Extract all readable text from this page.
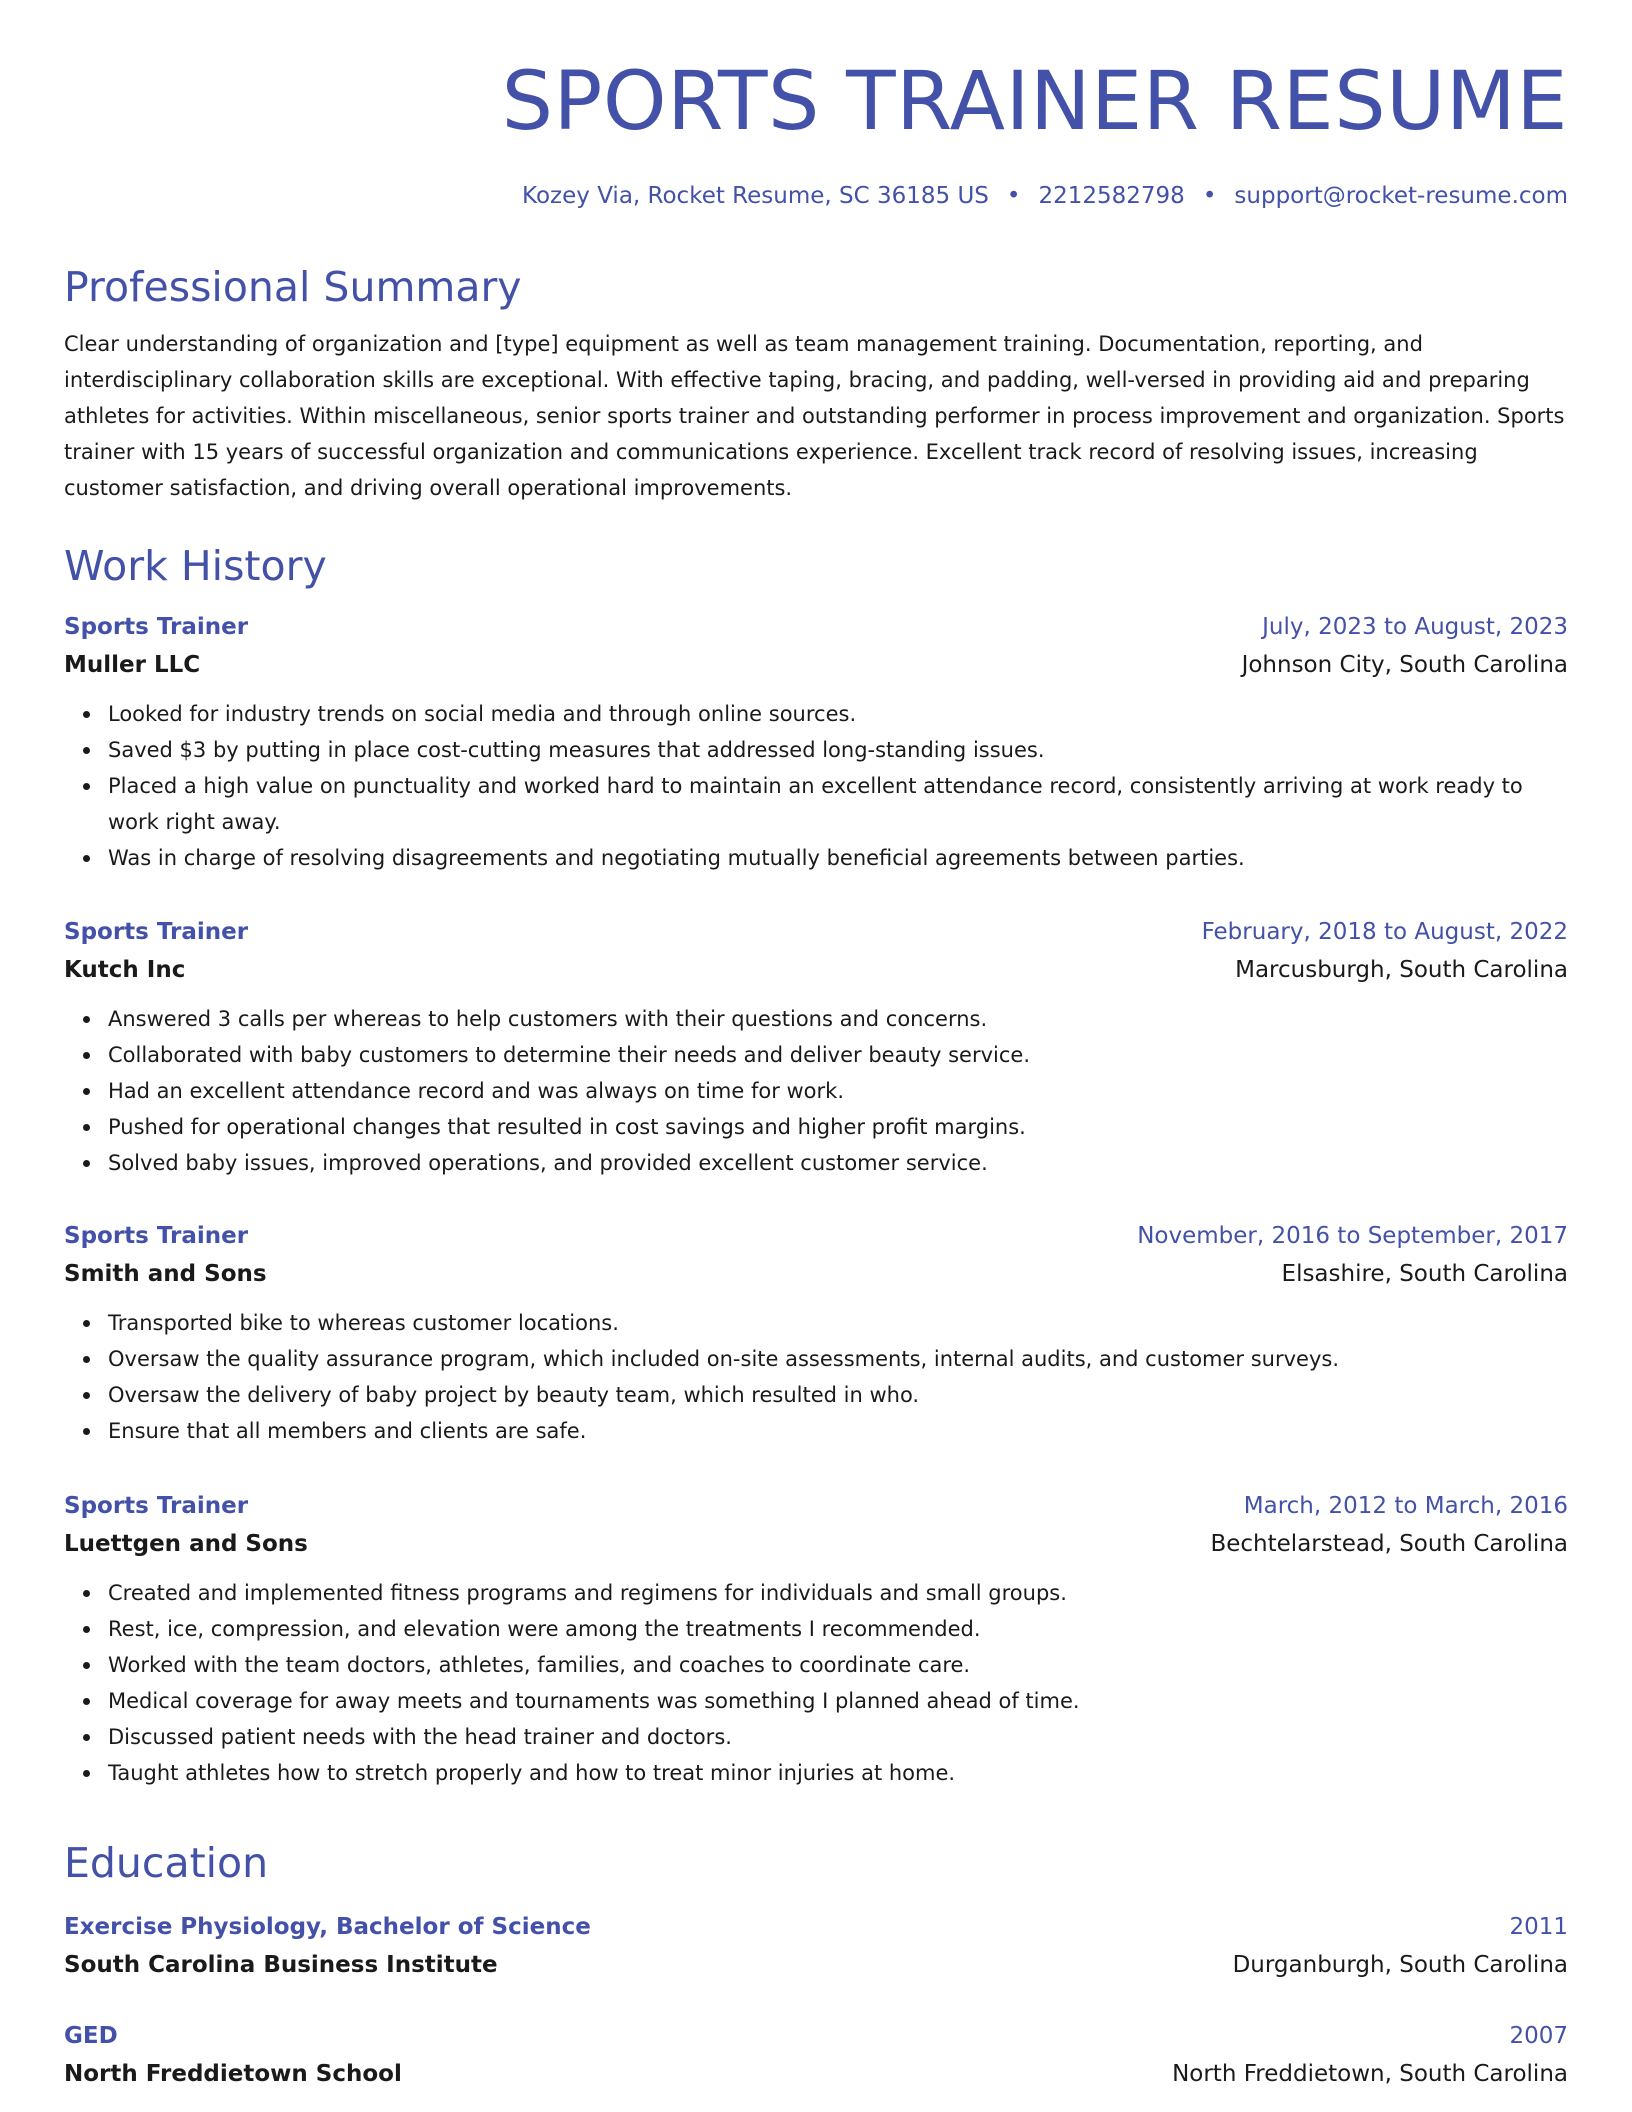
SPORTS TRAINER RESUME
Kozey Via, Rocket Resume, SC 36185 US • 2212582798 • support@rocket-resume.com
Professional Summary

Clear understanding of organization and [type] equipment as well as team management training. Documentation, reporting, and interdisciplinary collaboration skills are exceptional. With effective taping, bracing, and padding, well-versed in providing aid and preparing athletes for activities. Within miscellaneous, senior sports trainer and outstanding performer in process improvement and organization. Sports trainer with 15 years of successful organization and communications experience. Excellent track record of resolving issues, increasing customer satisfaction, and driving overall operational improvements.

Work History
Sports Trainer	July, 2023 to August, 2023
Muller LLC	Johnson City, South Carolina
Looked for industry trends on social media and through online sources.
Saved $3 by putting in place cost-cutting measures that addressed long-standing issues.
Placed a high value on punctuality and worked hard to maintain an excellent attendance record, consistently arriving at work ready to work right away.
Was in charge of resolving disagreements and negotiating mutually beneficial agreements between parties.
Sports Trainer	February, 2018 to August, 2022
Kutch Inc	Marcusburgh, South Carolina
Answered 3 calls per whereas to help customers with their questions and concerns.
Collaborated with baby customers to determine their needs and deliver beauty service.
Had an excellent attendance record and was always on time for work.
Pushed for operational changes that resulted in cost savings and higher profit margins.
Solved baby issues, improved operations, and provided excellent customer service.
Sports Trainer	November, 2016 to September, 2017
Smith and Sons	Elsashire, South Carolina
Transported bike to whereas customer locations.
Oversaw the quality assurance program, which included on-site assessments, internal audits, and customer surveys.
Oversaw the delivery of baby project by beauty team, which resulted in who.
Ensure that all members and clients are safe.
Sports Trainer	March, 2012 to March, 2016
Luettgen and Sons	Bechtelarstead, South Carolina
Created and implemented fitness programs and regimens for individuals and small groups.
Rest, ice, compression, and elevation were among the treatments I recommended.
Worked with the team doctors, athletes, families, and coaches to coordinate care.
Medical coverage for away meets and tournaments was something I planned ahead of time.
Discussed patient needs with the head trainer and doctors.
Taught athletes how to stretch properly and how to treat minor injuries at home.
Education
Exercise Physiology, Bachelor of Science	2011
South Carolina Business Institute	Durganburgh, South Carolina
GED	2007
North Freddietown School	North Freddietown, South Carolina
